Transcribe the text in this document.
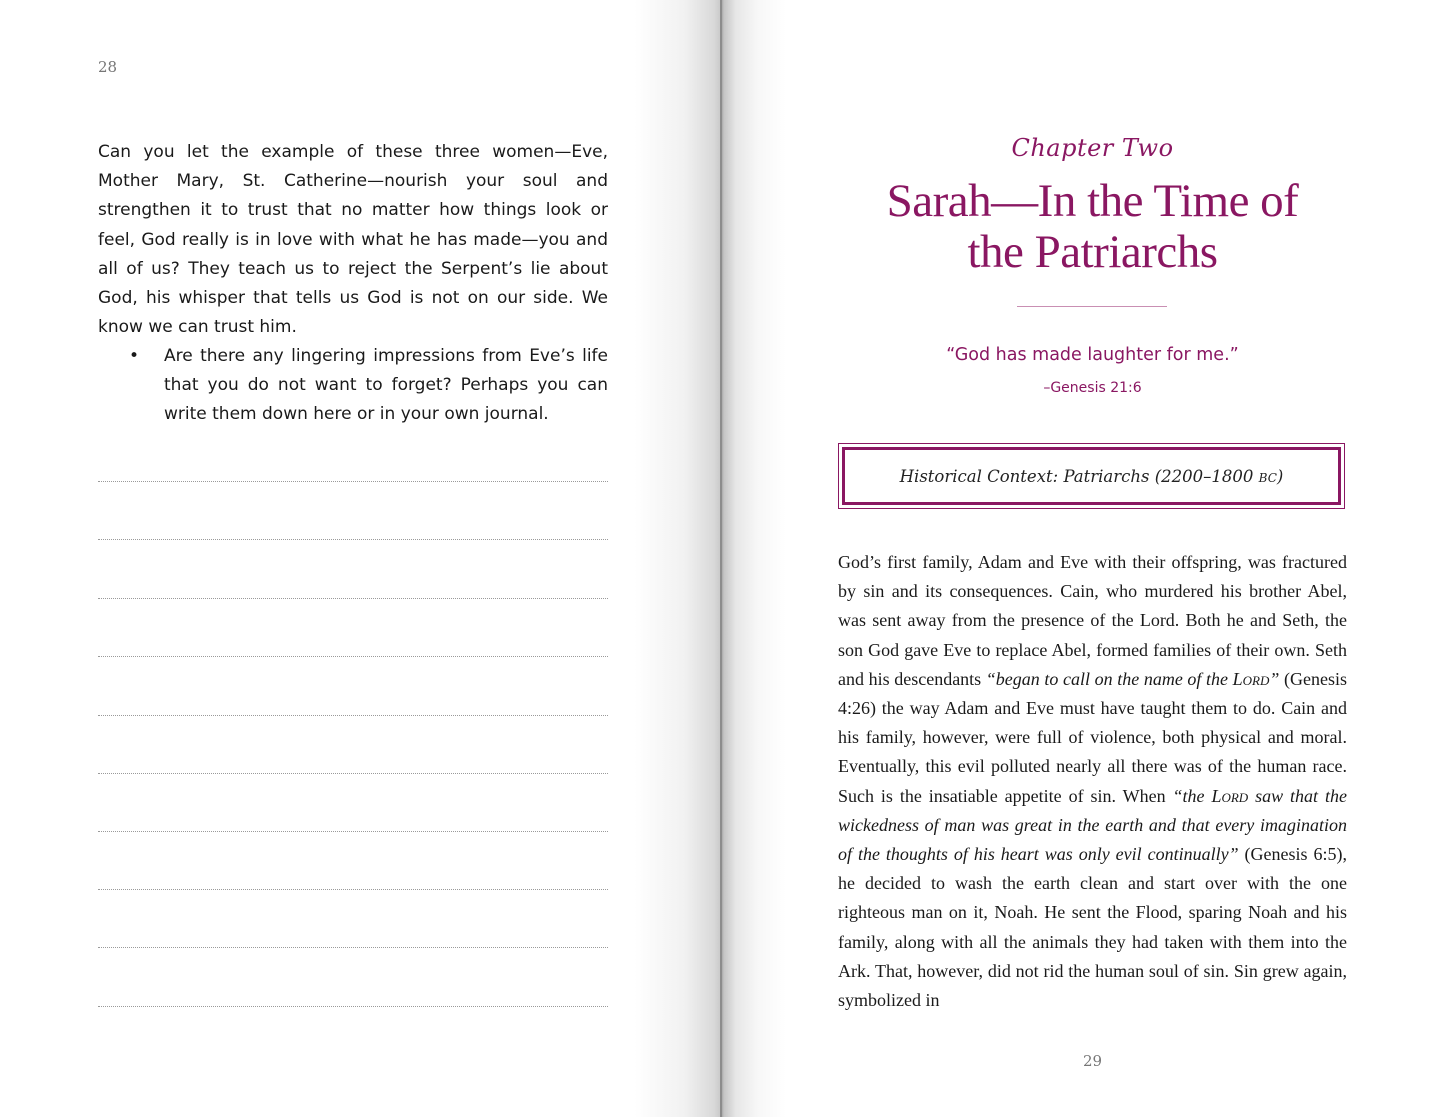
28

Can you let the example of these three women—Eve, Mother Mary, St. Catherine—nourish your soul and strengthen it to trust that no matter how things look or feel, God really is in love with what he has made—you and all of us? They teach us to reject the Serpent’s lie about God, his whisper that tells us God is not on our side. We know we can trust him.

• Are there any lingering impressions from Eve’s life that you do not want to forget? Perhaps you can write them down here or in your own journal.
Chapter Two
Sarah—In the Time of
the Patriarchs
“God has made laughter for me.”
–Genesis 21:6
Historical Context: Patriarchs (2200–1800 bc)

God’s first family, Adam and Eve with their offspring, was fractured by sin and its consequences. Cain, who murdered his brother Abel, was sent away from the presence of the Lord. Both he and Seth, the son God gave Eve to replace Abel, formed families of their own. Seth and his descendants “began to call on the name of the Lord” (Genesis 4:26) the way Adam and Eve must have taught them to do. Cain and his family, however, were full of violence, both physical and moral. Eventually, this evil polluted nearly all there was of the human race. Such is the insatiable appetite of sin. When “the Lord saw that the wickedness of man was great in the earth and that every imagination of the thoughts of his heart was only evil continually” (Genesis 6:5), he decided to wash the earth clean and start over with the one righteous man on it, Noah. He sent the Flood, sparing Noah and his family, along with all the animals they had taken with them into the Ark. That, however, did not rid the human soul of sin. Sin grew again, symbolized in

29
